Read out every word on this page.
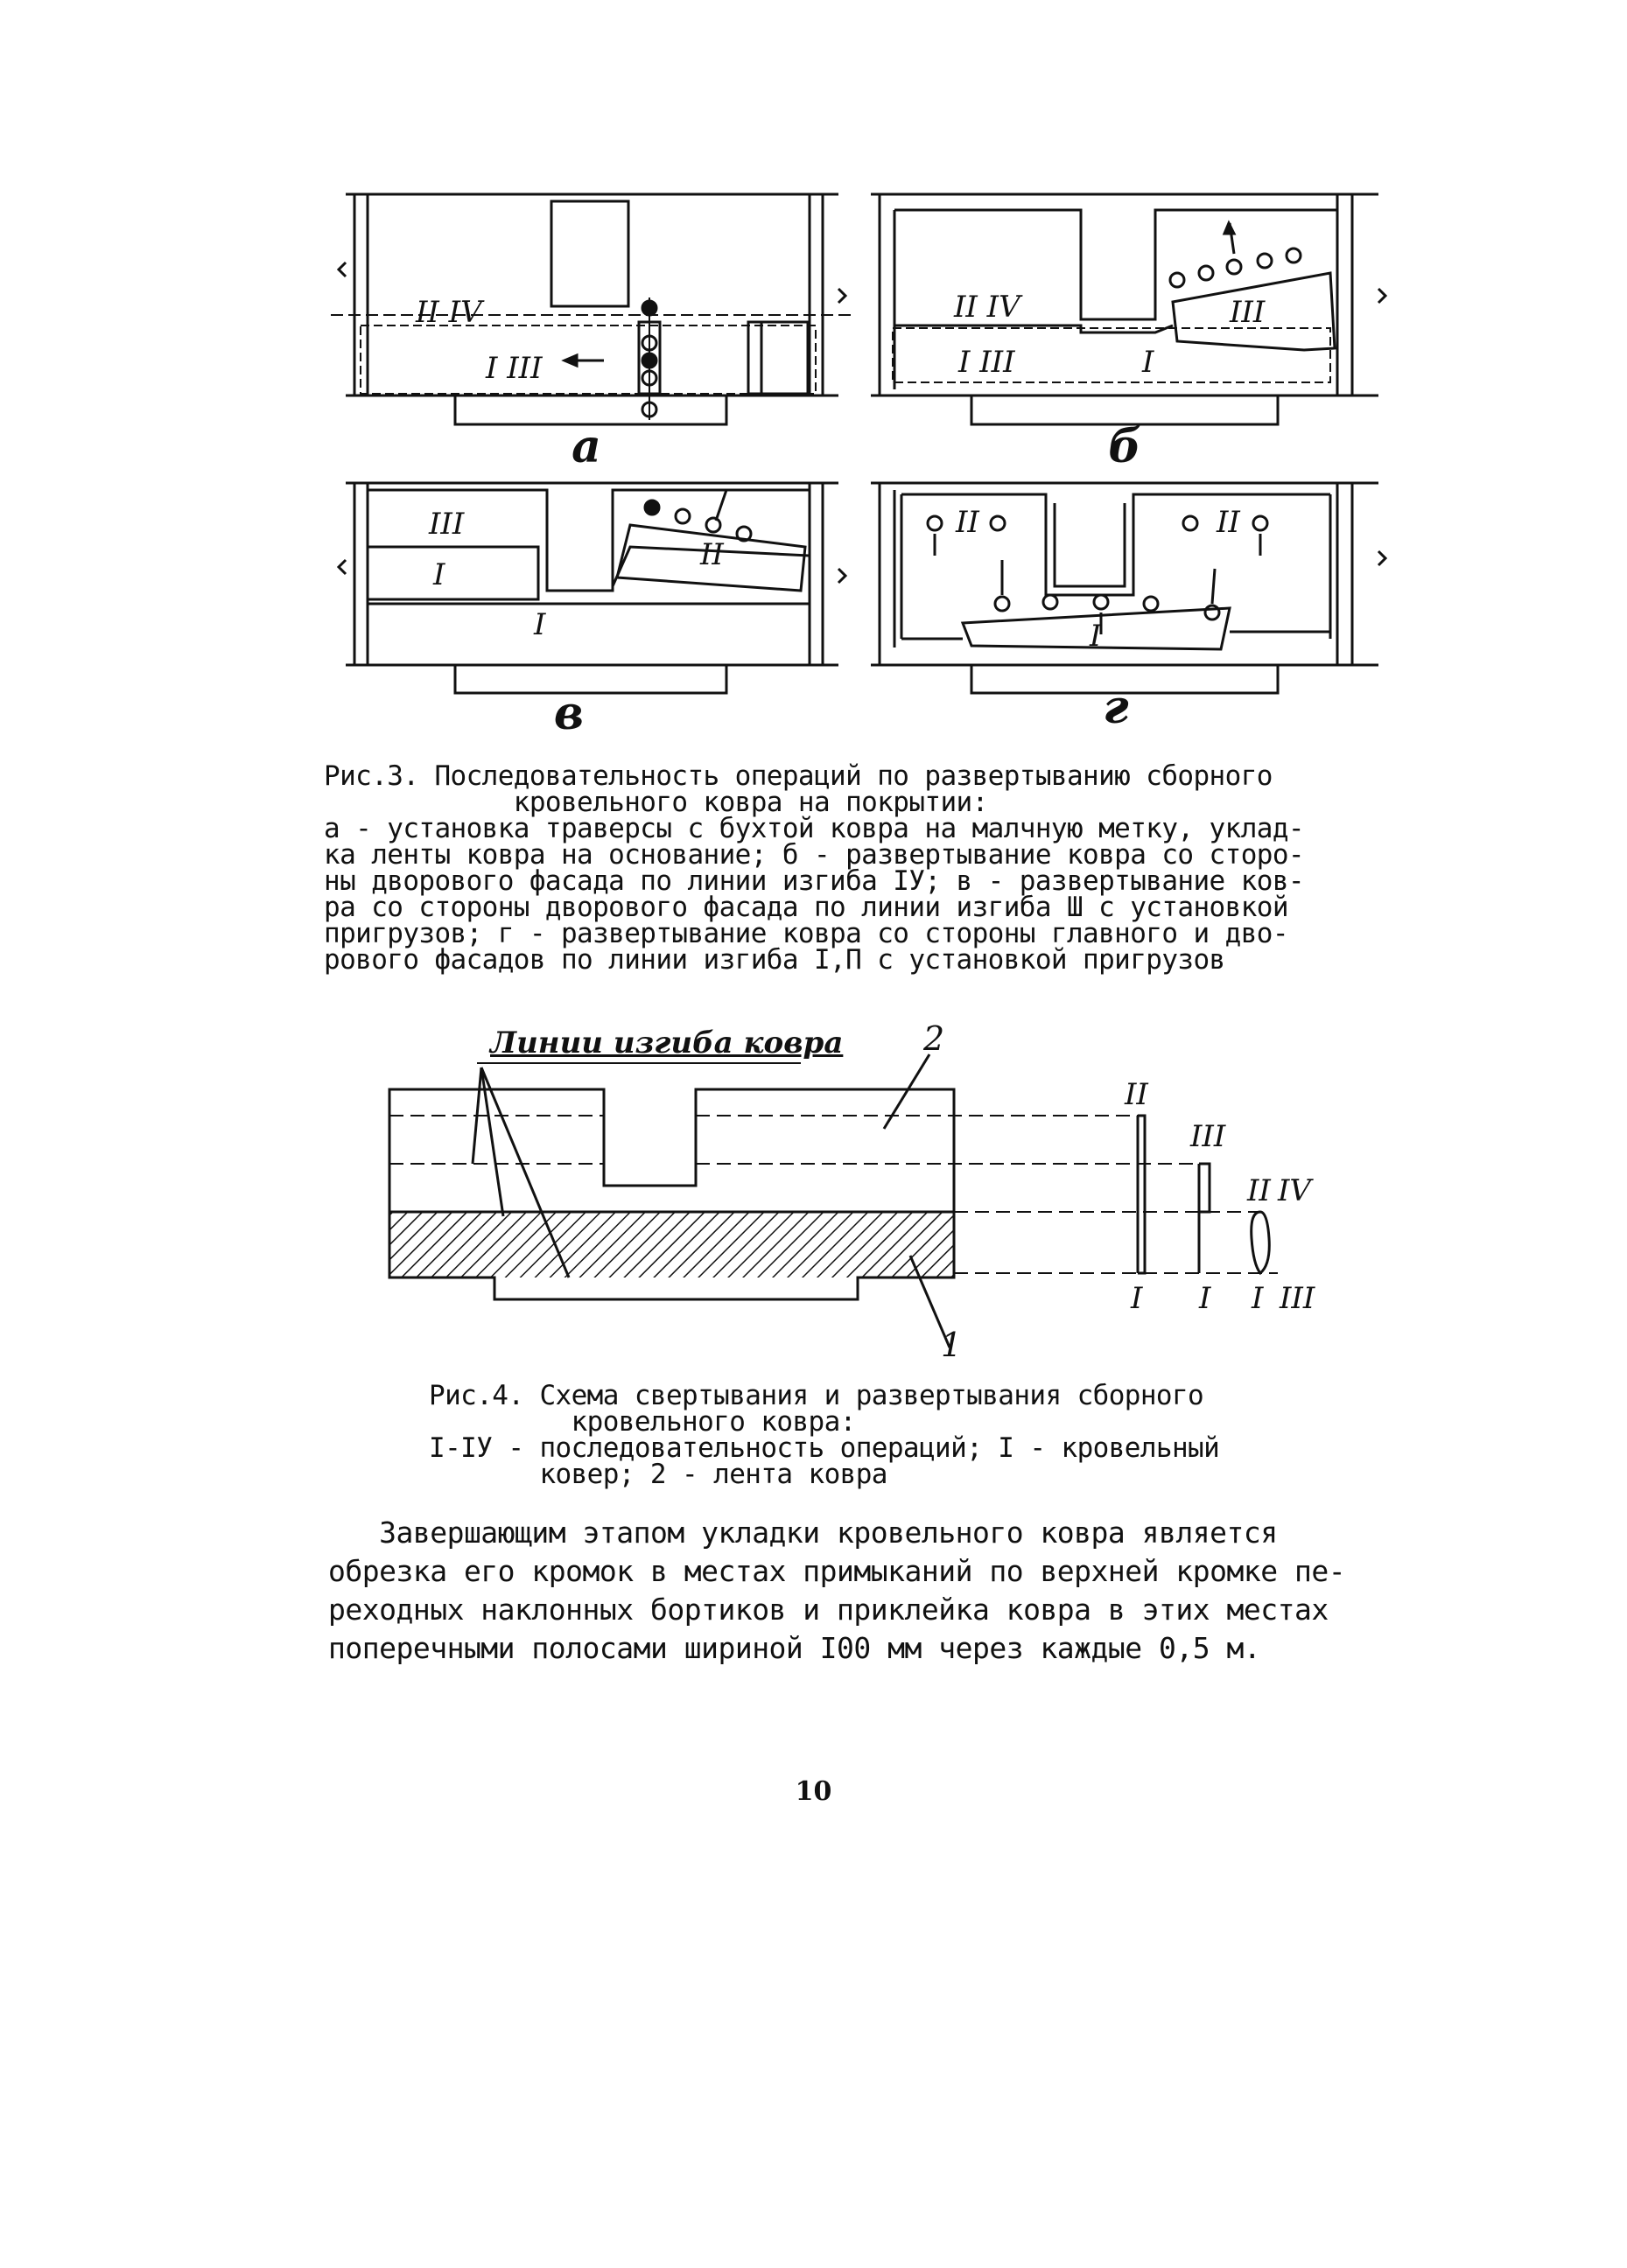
II IV
I III
II IV
I III	I
III
III
I
I
II
II	II
I
а	б
в	г
Рис.3. Последовательность операций по развертыванию сборного
кровельного ковра на покрытии:
а - установка траверсы с бухтой ковра на малчную метку, уклад-
ка ленты ковра на основание; б - развертывание ковра со сторо-
ны дворового фасада по линии изгиба IУ; в - развертывание ков-
ра со стороны дворового фасада по линии изгиба Ш с установкой
пригрузов; г - развертывание ковра со стороны главного и дво-
рового фасадов по линии изгиба I,П с установкой пригрузов
II
III
II IV
I I I III
Линии изгиба ковра 2
1
Рис.4. Схема свертывания и развертывания сборного
кровельного ковра:
I-IУ - последовательность операций; I - кровельный
ковер; 2 - лента ковра
Завершающим этапом укладки кровельного ковра является
обрезка его кромок в местах примыканий по верхней кромке пе-
реходных наклонных бортиков и приклейка ковра в этих местах
поперечными полосами шириной I00 мм через каждые 0,5 м.
10
